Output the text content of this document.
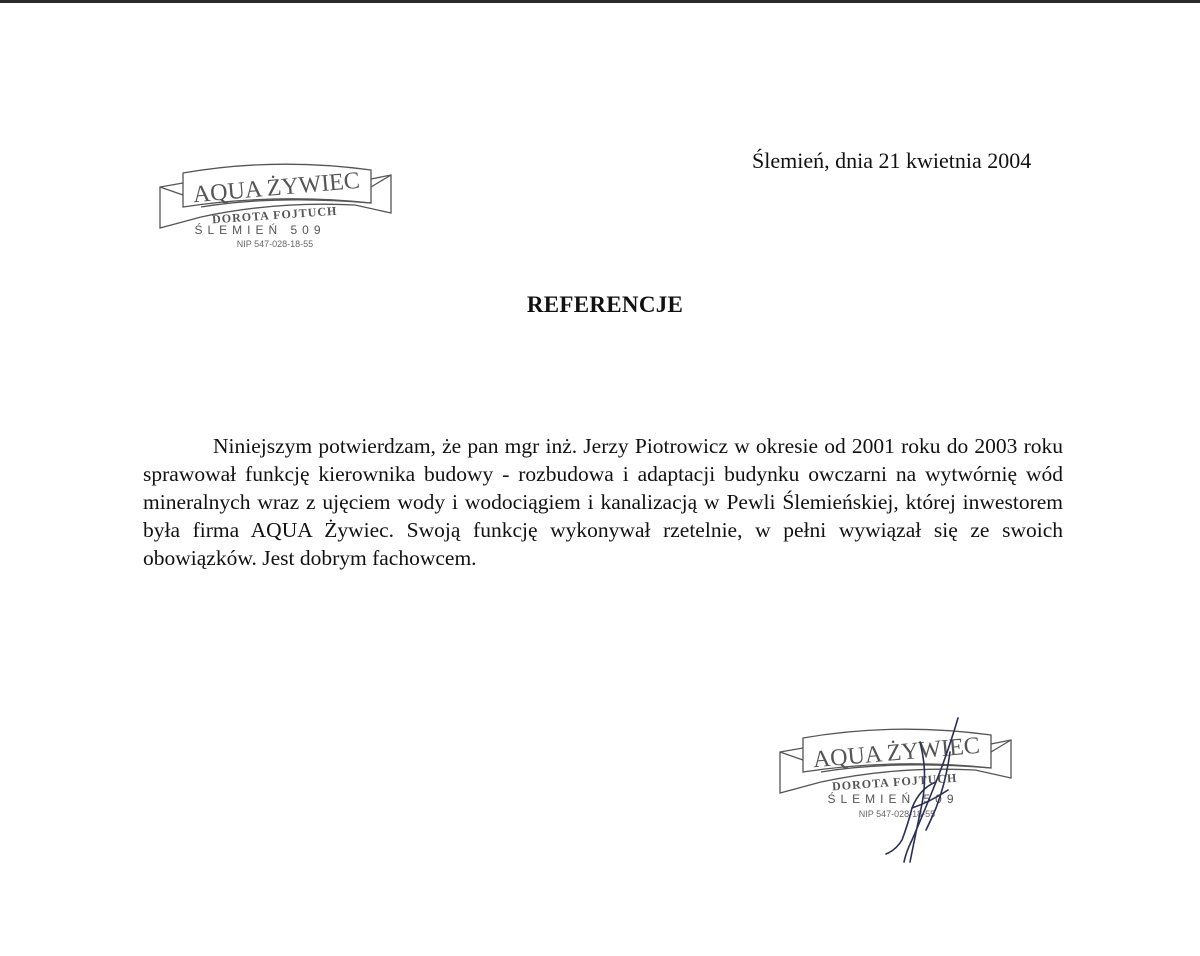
AQUA ŻYWIEC
DOROTA FOJTUCH
ŚLEMIEŃ 509
NIP 547-028-18-55
Ślemień, dnia 21 kwietnia 2004
REFERENCJE

Niniejszym potwierdzam, że pan mgr inż. Jerzy Piotrowicz w okresie od 2001 roku do 2003 roku sprawował funkcję kierownika budowy - rozbudowa i adaptacji budynku owczarni na wytwórnię wód mineralnych wraz z ujęciem wody i wodociągiem i kanalizacją w Pewli Ślemieńskiej, której inwestorem była firma AQUA Żywiec. Swoją funkcję wykonywał rzetelnie, w pełni wywiązał się ze swoich obowiązków. Jest dobrym fachowcem.

AQUA ŻYWIEC
DOROTA FOJTUCH
ŚLEMIEŃ 509
NIP 547-028-18-55
